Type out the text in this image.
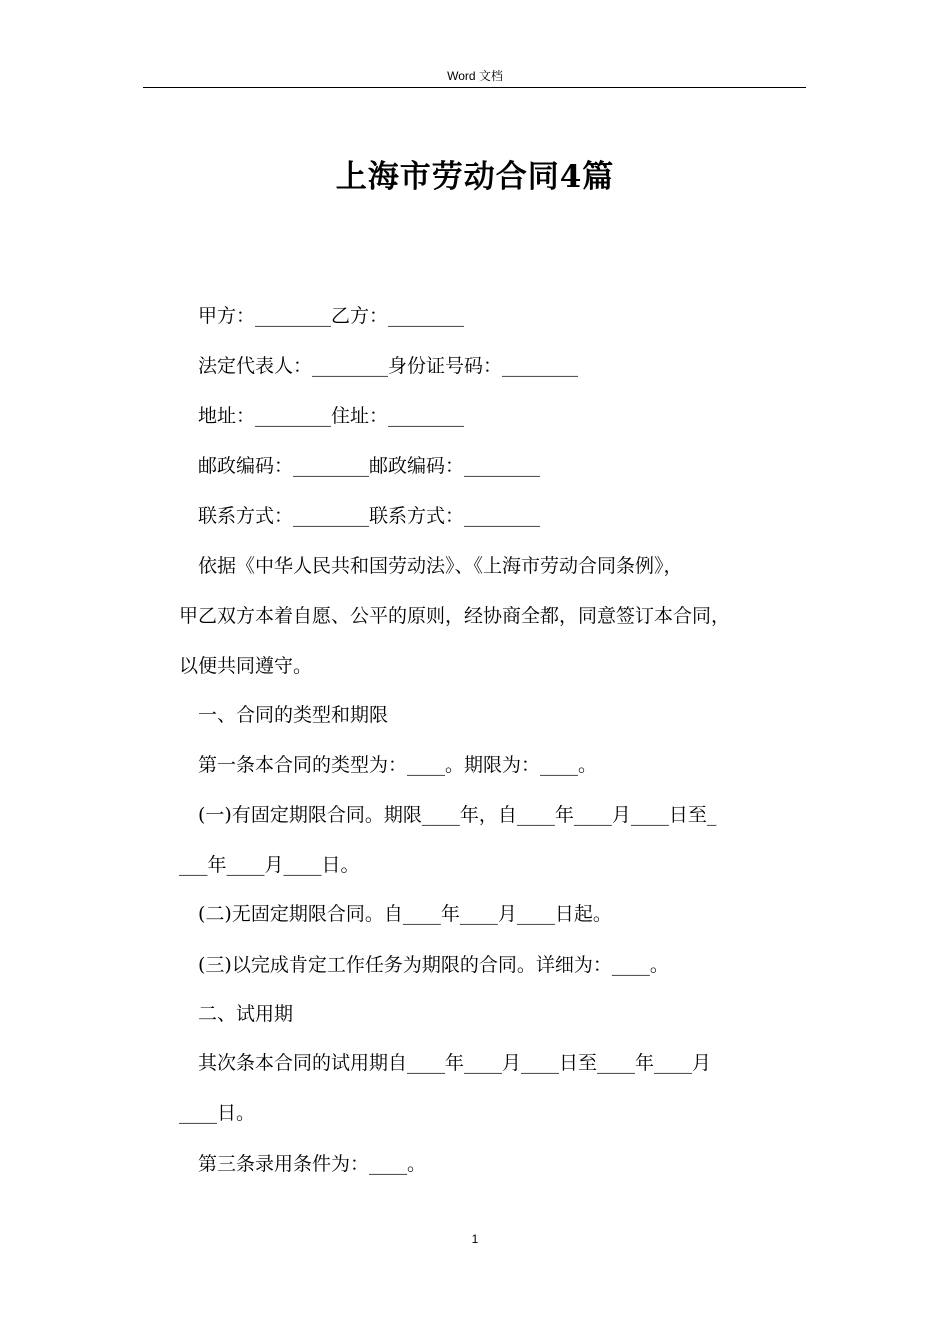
Word 文档
上海市劳动合同4篇
甲方：________乙方：________
法定代表人：________身份证号码：________
地址：________住址：________
邮政编码：________邮政编码：________
联系方式：________联系方式：________
依据《中华人民共和国劳动法》、《上海市劳动合同条例》，
甲乙双方本着自愿、公平的原则，经协商全都，同意签订本合同，
以便共同遵守。
一、合同的类型和期限
第一条本合同的类型为：____。期限为：____。
(一)有固定期限合同。期限____年，自____年____月____日至_
___年____月____日。
(二)无固定期限合同。自____年____月____日起。
(三)以完成肯定工作任务为期限的合同。详细为：____。
二、试用期
其次条本合同的试用期自____年____月____日至____年____月
____日。
第三条录用条件为：____。
1
